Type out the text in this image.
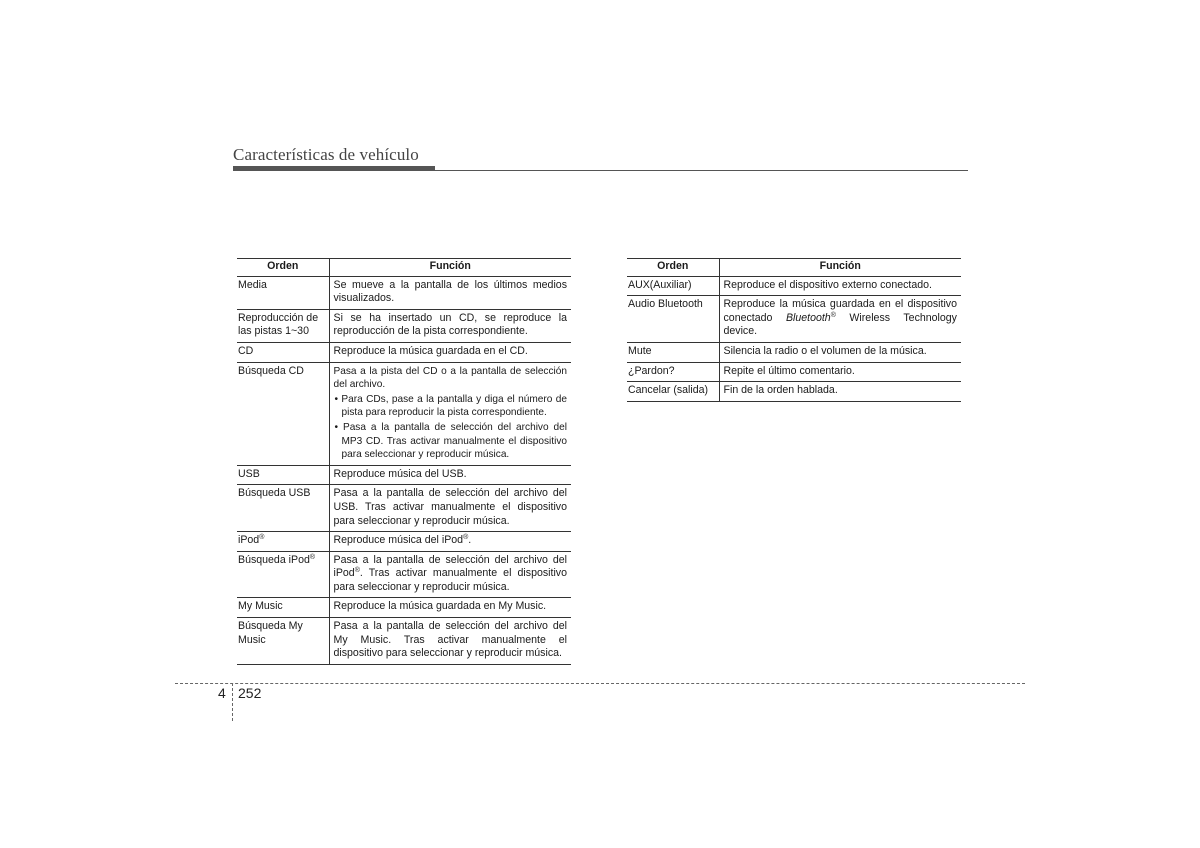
Características de vehículo
Orden	Función
Media	Se mueve a la pantalla de los últimos medios visualizados.
Reproducción de las pistas 1~30	Si se ha insertado un CD, se reproduce la reproducción de la pista correspondiente.
CD	Reproduce la música guardada en el CD.
Búsqueda CD	Pasa a la pista del CD o a la pantalla de selección del archivo.
• Para CDs, pase a la pantalla y diga el número de pista para reproducir la pista correspondiente.
• Pasa a la pantalla de selección del archivo del MP3 CD. Tras activar manualmente el dispositivo para seleccionar y reproducir música.

USB	Reproduce música del USB.
Búsqueda USB	Pasa a la pantalla de selección del archivo del USB. Tras activar manualmente el dispositivo para seleccionar y reproducir música.
iPod®	Reproduce música del iPod®.
Búsqueda iPod®	Pasa a la pantalla de selección del archivo del iPod®. Tras activar manualmente el dispositivo para seleccionar y reproducir música.
My Music	Reproduce la música guardada en My Music.
Búsqueda My Music	Pasa a la pantalla de selección del archivo del My Music. Tras activar manualmente el dispositivo para seleccionar y reproducir música.
Orden	Función
AUX(Auxiliar)	Reproduce el dispositivo externo conectado.
Audio Bluetooth	Reproduce la música guardada en el dispositivo conectado Bluetooth® Wireless Technology device.
Mute	Silencia la radio o el volumen de la música.
¿Pardon?	Repite el último comentario.
Cancelar (salida)	Fin de la orden hablada.
4 252
